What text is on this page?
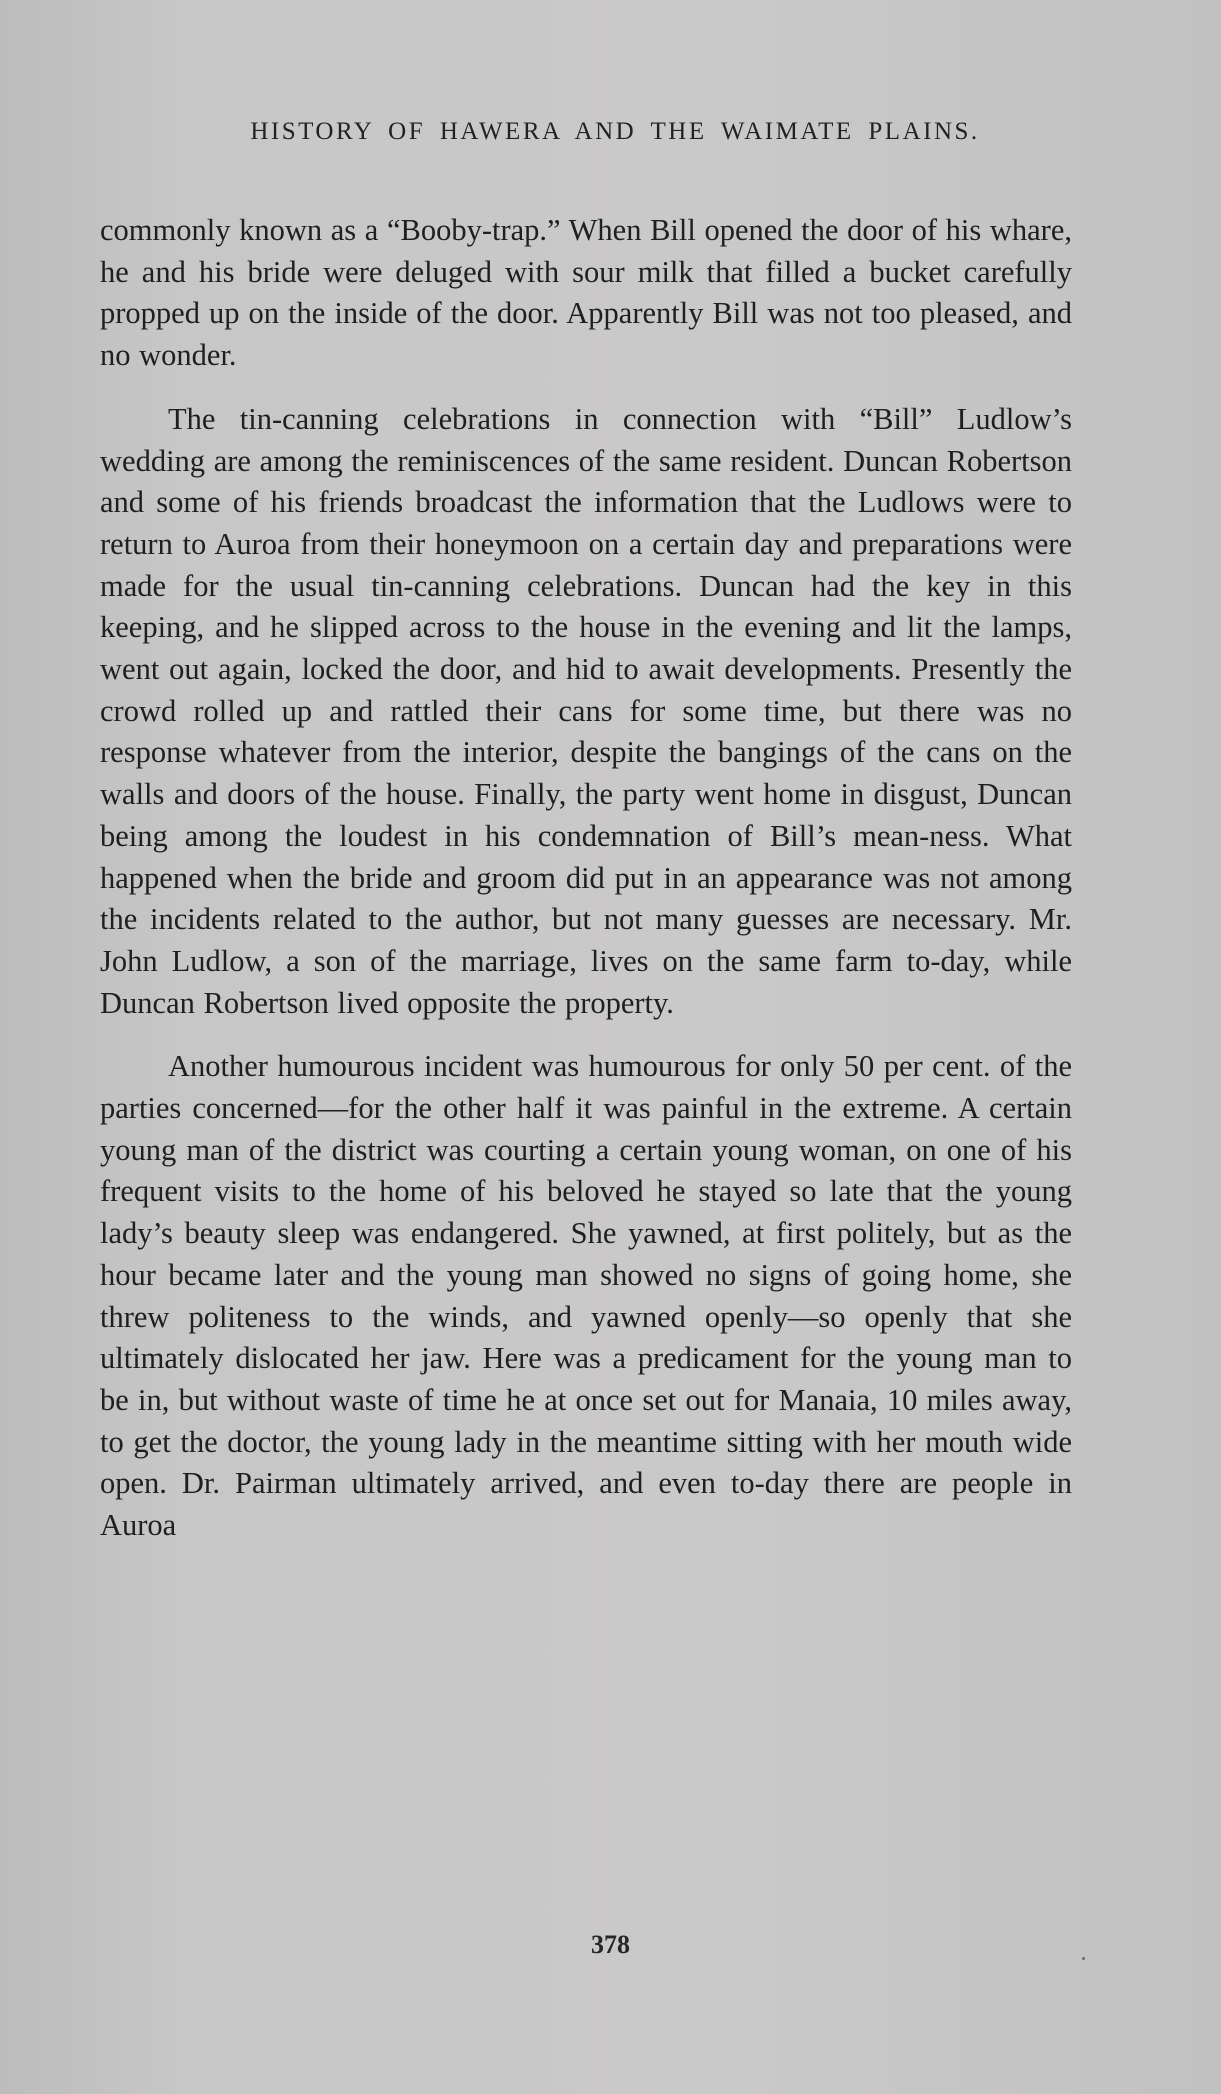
HISTORY OF HAWERA AND THE WAIMATE PLAINS.

commonly known as a “Booby-trap.” When Bill opened the door of his whare, he and his bride were deluged with sour milk that filled a bucket carefully propped up on the inside of the door. Apparently Bill was not too pleased, and no wonder.

The tin-canning celebrations in connection with “Bill” Ludlow’s wedding are among the reminiscences of the same resident. Duncan Robertson and some of his friends broadcast the information that the Ludlows were to return to Auroa from their honeymoon on a certain day and preparations were made for the usual tin-canning celebrations. Duncan had the key in this keeping, and he slipped across to the house in the evening and lit the lamps, went out again, locked the door, and hid to await developments. Presently the crowd rolled up and rattled their cans for some time, but there was no response whatever from the interior, despite the bangings of the cans on the walls and doors of the house. Finally, the party went home in disgust, Duncan being among the loudest in his condemnation of Bill’s mean-ness. What happened when the bride and groom did put in an appearance was not among the incidents related to the author, but not many guesses are necessary. Mr. John Ludlow, a son of the marriage, lives on the same farm to-day, while Duncan Robertson lived opposite the property.

Another humourous incident was humourous for only 50 per cent. of the parties concerned—for the other half it was painful in the extreme. A certain young man of the district was courting a certain young woman, on one of his frequent visits to the home of his beloved he stayed so late that the young lady’s beauty sleep was endangered. She yawned, at first politely, but as the hour became later and the young man showed no signs of going home, she threw politeness to the winds, and yawned openly—so openly that she ultimately dislocated her jaw. Here was a predicament for the young man to be in, but without waste of time he at once set out for Manaia, 10 miles away, to get the doctor, the young lady in the meantime sitting with her mouth wide open. Dr. Pairman ultimately arrived, and even to-day there are people in Auroa

378
